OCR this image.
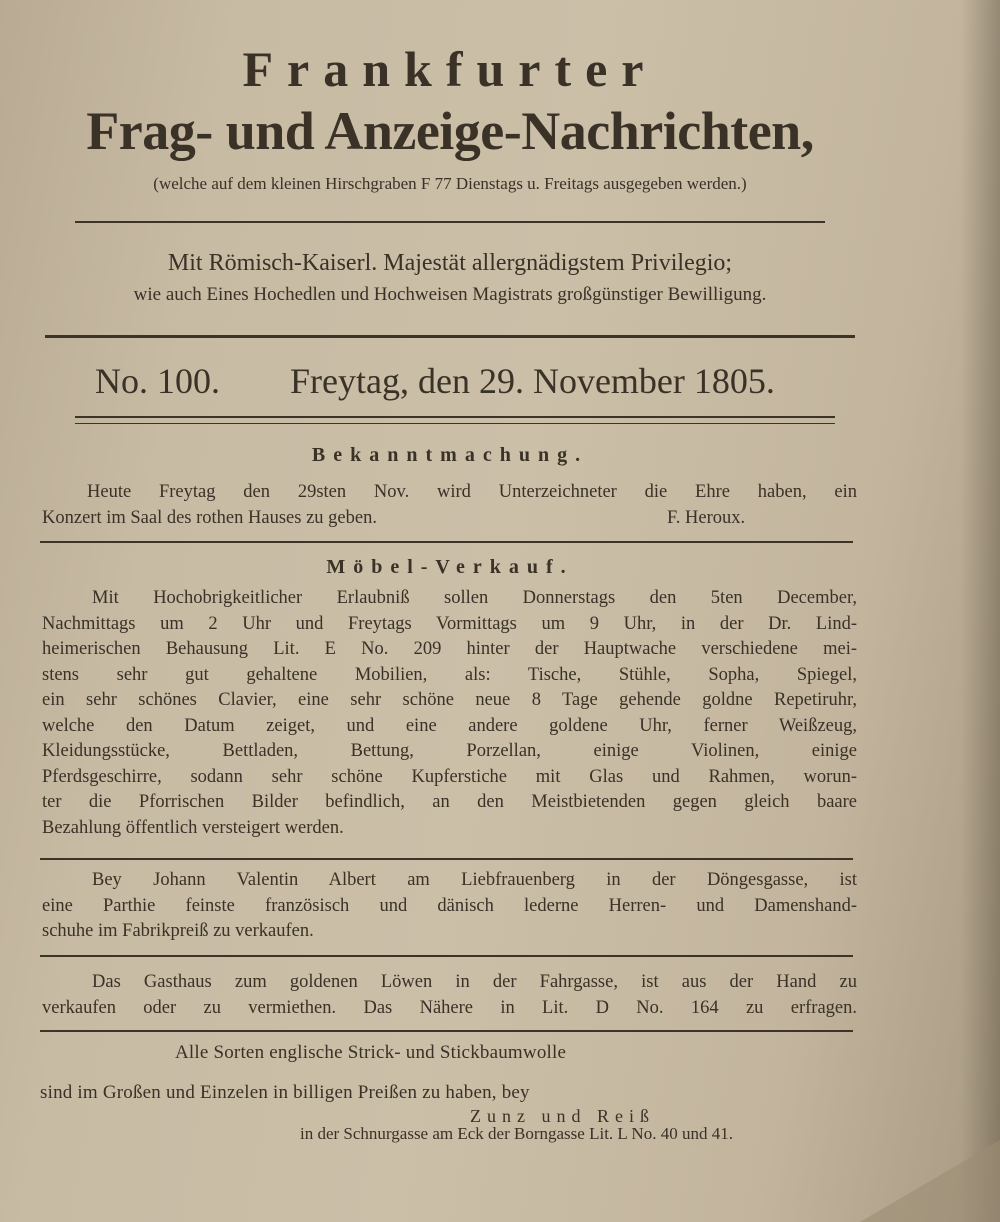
Frankfurter
Frag- und Anzeige-Nachrichten,
(welche auf dem kleinen Hirschgraben F 77 Dienstags u. Freitags ausgegeben werden.)
Mit Römisch-Kaiserl. Majestät allergnädigstem Privilegio;
wie auch Eines Hochedlen und Hochweisen Magistrats großgünstiger Bewilligung.
No. 100. Freytag, den 29. November 1805.
Bekanntmachung.
Heute Freytag den 29sten Nov. wird Unterzeichneter die Ehre haben, ein
Konzert im Saal des rothen Hauses zu geben.	F. Heroux.
Möbel-Verkauf.
Mit Hochobrigkeitlicher Erlaubniß sollen Donnerstags den 5ten December,
Nachmittags um 2 Uhr und Freytags Vormittags um 9 Uhr, in der Dr. Lind-
heimerischen Behausung Lit. E No. 209 hinter der Hauptwache verschiedene mei-
stens sehr gut gehaltene Mobilien, als: Tische, Stühle, Sopha, Spiegel,
ein sehr schönes Clavier, eine sehr schöne neue 8 Tage gehende goldne Repetiruhr,
welche den Datum zeiget, und eine andere goldene Uhr, ferner Weißzeug,
Kleidungsstücke, Bettladen, Bettung, Porzellan, einige Violinen, einige
Pferdsgeschirre, sodann sehr schöne Kupferstiche mit Glas und Rahmen, worun-
ter die Pforrischen Bilder befindlich, an den Meistbietenden gegen gleich baare
Bezahlung öffentlich versteigert werden.
Bey Johann Valentin Albert am Liebfrauenberg in der Döngesgasse, ist
eine Parthie feinste französisch und dänisch lederne Herren- und Damenshand-
schuhe im Fabrikpreiß zu verkaufen.
Das Gasthaus zum goldenen Löwen in der Fahrgasse, ist aus der Hand zu
verkaufen oder zu vermiethen. Das Nähere in Lit. D No. 164 zu erfragen.
Alle Sorten englische Strick- und Stickbaumwolle
sind im Großen und Einzelen in billigen Preißen zu haben, bey
Zunz und Reiß
in der Schnurgasse am Eck der Borngasse Lit. L No. 40 und 41.
